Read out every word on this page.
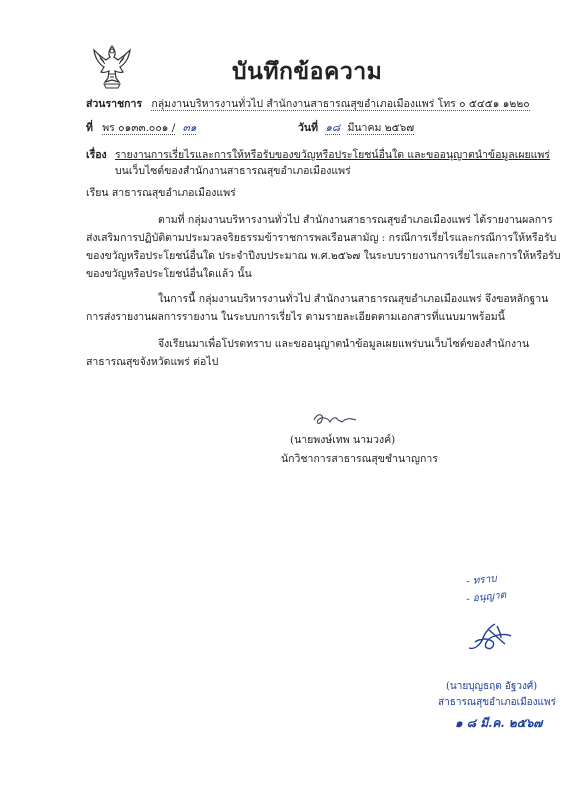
บันทึกข้อความ
ส่วนราชการ กลุ่มงานบริหารงานทั่วไป สำนักงานสาธารณสุขอำเภอเมืองแพร่ โทร ๐ ๕๔๕๑ ๑๒๒๐
ที่ พร ๐๑๓๓.๐๐๑ / ๓๑	วันที่ ๑๘ มีนาคม ๒๕๖๗
เรื่อง รายงานการเรี่ยไรและการให้หรือรับของขวัญหรือประโยชน์อื่นใด และขออนุญาตนำข้อมูลเผยแพร่
บนเว็บไซต์ของสำนักงานสาธารณสุขอำเภอเมืองแพร่
เรียน สาธารณสุขอำเภอเมืองแพร่
ตามที่ กลุ่มงานบริหารงานทั่วไป สำนักงานสาธารณสุขอำเภอเมืองแพร่ ได้รายงานผลการ
ส่งเสริมการปฏิบัติตามประมวลจริยธรรมข้าราชการพลเรือนสามัญ : กรณีการเรี่ยไรและกรณีการให้หรือรับ
ของขวัญหรือประโยชน์อื่นใด ประจำปีงบประมาณ พ.ศ.๒๕๖๗ ในระบบรายงานการเรี่ยไรและการให้หรือรับ
ของขวัญหรือประโยชน์อื่นใดแล้ว นั้น
ในการนี้ กลุ่มงานบริหารงานทั่วไป สำนักงานสาธารณสุขอำเภอเมืองแพร่ จึงขอหลักฐาน
การส่งรายงานผลการรายงาน ในระบบการเรี่ยไร ตามรายละเอียดตามเอกสารที่แนบมาพร้อมนี้
จึงเรียนมาเพื่อโปรดทราบ และขออนุญาตนำข้อมูลเผยแพร่บนเว็บไซต์ของสำนักงาน
สาธารณสุขจังหวัดแพร่ ต่อไป
(นายพงษ์เทพ นามวงค์)
นักวิชาการสาธารณสุขชำนาญการ
- ทราบ
- อนุญาต
(นายบุญธฤต อัฐวงศ์)
สาธารณสุขอำเภอเมืองแพร่
๑ ๘ มี.ค. ๒๕๖๗
